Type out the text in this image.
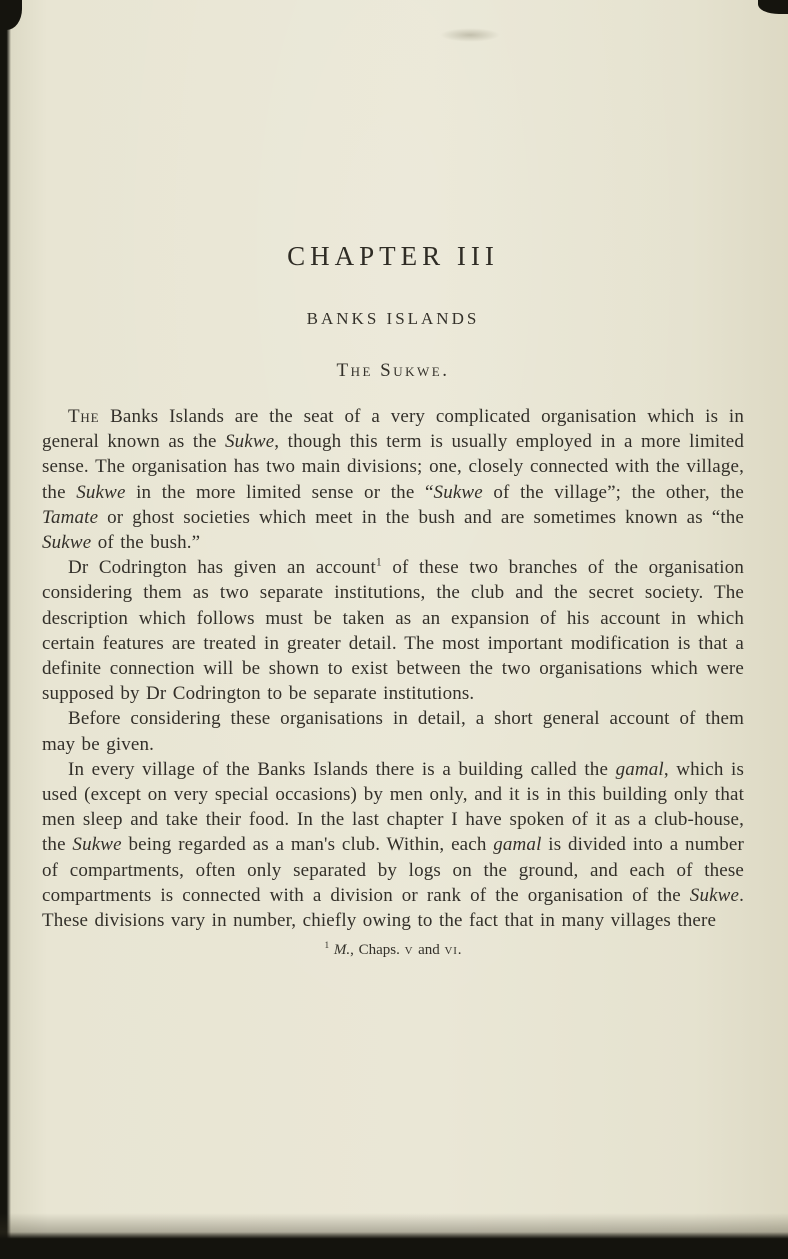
CHAPTER III
BANKS ISLANDS
The Sukwe.

The Banks Islands are the seat of a very complicated organisation which is in general known as the Sukwe, though this term is usually employed in a more limited sense. The organisation has two main divisions; one, closely connected with the village, the Sukwe in the more limited sense or the “Sukwe of the village”; the other, the Tamate or ghost societies which meet in the bush and are sometimes known as “the Sukwe of the bush.”

Dr Codrington has given an account$^1$ of these two branches of the organisation considering them as two separate institutions, the club and the secret society. The description which follows must be taken as an expansion of his account in which certain features are treated in greater detail. The most important modification is that a definite connection will be shown to exist between the two organisations which were supposed by Dr Codrington to be separate institutions.

Before considering these organisations in detail, a short general account of them may be given.

In every village of the Banks Islands there is a building called the gamal, which is used (except on very special occasions) by men only, and it is in this building only that men sleep and take their food. In the last chapter I have spoken of it as a club-house, the Sukwe being regarded as a man's club. Within, each gamal is divided into a number of compartments, often only separated by logs on the ground, and each of these compartments is connected with a division or rank of the organisation of the Sukwe. These divisions vary in number, chiefly owing to the fact that in many villages there

$^1$ M., Chaps. v and vi.
